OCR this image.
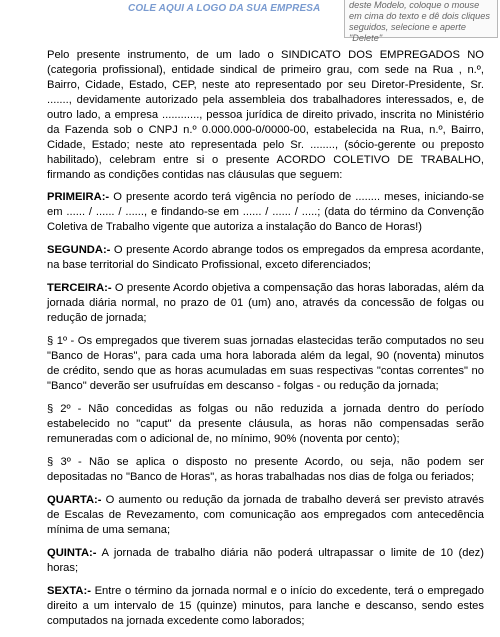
COLE AQUI A LOGO DA SUA EMPRESA	deste Modelo, coloque o mouse em cima do texto e dê dois cliques seguidos, selecione e aperte "Delete"

Pelo presente instrumento, de um lado o SINDICATO DOS EMPREGADOS NO (categoria profissional), entidade sindical de primeiro grau, com sede na Rua , n.º, Bairro, Cidade, Estado, CEP, neste ato representado por seu Diretor-Presidente, Sr. ......., devidamente autorizado pela assembleia dos trabalhadores interessados, e, de outro lado, a empresa ............, pessoa jurídica de direito privado, inscrita no Ministério da Fazenda sob o CNPJ n.º 0.000.000-0/0000-00, estabelecida na Rua, n.º, Bairro, Cidade, Estado; neste ato representada pelo Sr. ........, (sócio-gerente ou preposto habilitado), celebram entre si o presente ACORDO COLETIVO DE TRABALHO, firmando as condições contidas nas cláusulas que seguem:

PRIMEIRA:- O presente acordo terá vigência no período de ........ meses, iniciando-se em ...... / ...... / ......, e findando-se em ...... / ...... / .....; (data do término da Convenção Coletiva de Trabalho vigente que autoriza a instalação do Banco de Horas!)

SEGUNDA:- O presente Acordo abrange todos os empregados da empresa acordante, na base territorial do Sindicato Profissional, exceto diferenciados;

TERCEIRA:- O presente Acordo objetiva a compensação das horas laboradas, além da jornada diária normal, no prazo de 01 (um) ano, através da concessão de folgas ou redução de jornada;

§ 1º - Os empregados que tiverem suas jornadas elastecidas terão computados no seu "Banco de Horas", para cada uma hora laborada além da legal, 90 (noventa) minutos de crédito, sendo que as horas acumuladas em suas respectivas "contas correntes" no "Banco" deverão ser usufruídas em descanso - folgas - ou redução da jornada;

§ 2º - Não concedidas as folgas ou não reduzida a jornada dentro do período estabelecido no "caput" da presente cláusula, as horas não compensadas serão remuneradas com o adicional de, no mínimo, 90% (noventa por cento);

§ 3º - Não se aplica o disposto no presente Acordo, ou seja, não podem ser depositadas no "Banco de Horas", as horas trabalhadas nos dias de folga ou feriados;

QUARTA:- O aumento ou redução da jornada de trabalho deverá ser previsto através de Escalas de Revezamento, com comunicação aos empregados com antecedência mínima de uma semana;

QUINTA:- A jornada de trabalho diária não poderá ultrapassar o limite de 10 (dez) horas;

SEXTA:- Entre o término da jornada normal e o início do excedente, terá o empregado direito a um intervalo de 15 (quinze) minutos, para lanche e descanso, sendo estes computados na jornada excedente como laborados;
